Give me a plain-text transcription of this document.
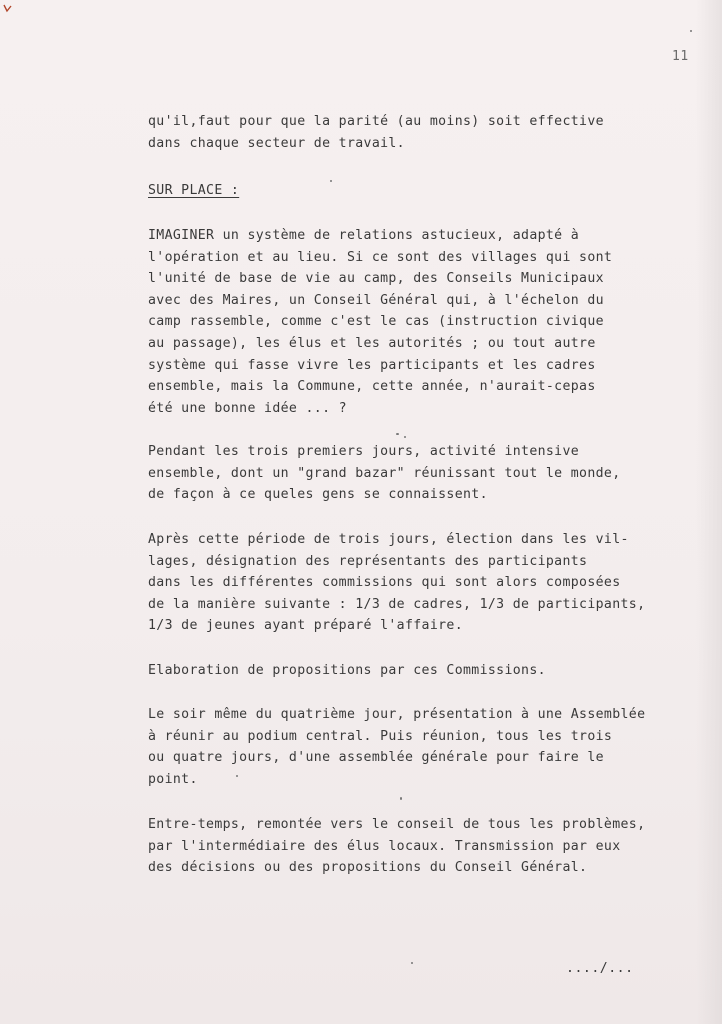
11

qu'il,faut pour que la parité (au moins) soit effective
dans chaque secteur de travail.

SUR PLACE :

IMAGINER un système de relations astucieux, adapté à
l'opération et au lieu. Si ce sont des villages qui sont
l'unité de base de vie au camp, des Conseils Municipaux
avec des Maires, un Conseil Général qui, à l'échelon du
camp rassemble, comme c'est le cas (instruction civique
au passage), les élus et les autorités ; ou tout autre
système qui fasse vivre les participants et les cadres
ensemble, mais la Commune, cette année, n'aurait-cepas
été une bonne idée ... ?

Pendant les trois premiers jours, activité intensive
ensemble, dont un "grand bazar" réunissant tout le monde,
de façon à ce queles gens se connaissent.

Après cette période de trois jours, élection dans les vil-
lages, désignation des représentants des participants
dans les différentes commissions qui sont alors composées
de la manière suivante : 1/3 de cadres, 1/3 de participants,
1/3 de jeunes ayant préparé l'affaire.

Elaboration de propositions par ces Commissions.

Le soir même du quatrième jour, présentation à une Assemblée
à réunir au podium central. Puis réunion, tous les trois
ou quatre jours, d'une assemblée générale pour faire le
point.

Entre-temps, remontée vers le conseil de tous les problèmes,
par l'intermédiaire des élus locaux. Transmission par eux
des décisions ou des propositions du Conseil Général.

..../...
